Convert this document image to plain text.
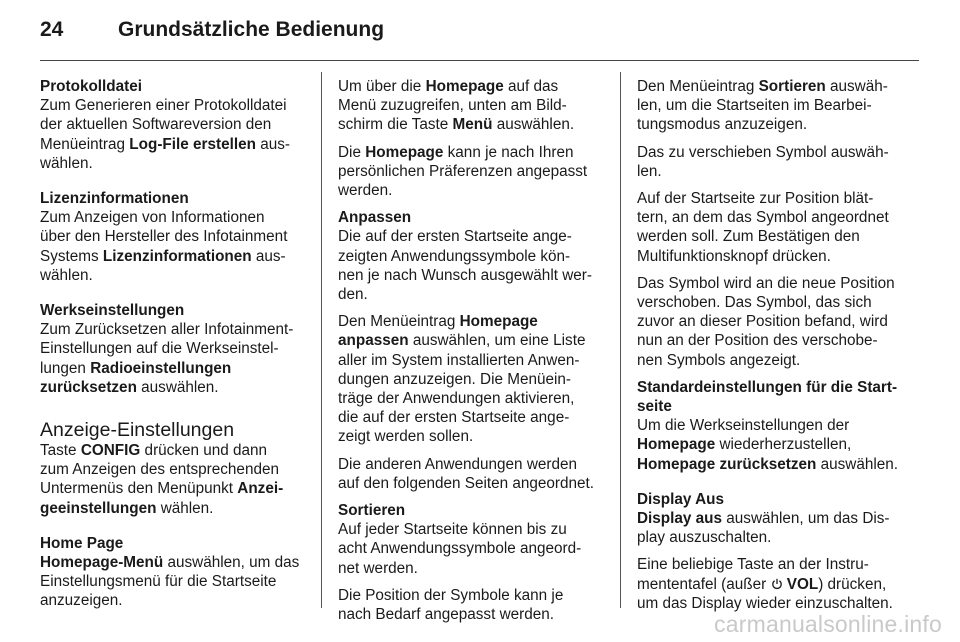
24	Grundsätzliche Bedienung

Protokolldatei
Zum Generieren einer Protokolldatei
der aktuellen Softwareversion den
Menüeintrag Log-File erstellen aus-
wählen.

Lizenzinformationen
Zum Anzeigen von Informationen
über den Hersteller des Infotainment
Systems Lizenzinformationen aus-
wählen.

Werkseinstellungen
Zum Zurücksetzen aller Infotainment-
Einstellungen auf die Werkseinstel-
lungen Radioeinstellungen
zurücksetzen auswählen.

Anzeige-Einstellungen

Taste CONFIG drücken und dann
zum Anzeigen des entsprechenden
Untermenüs den Menüpunkt Anzei-
geeinstellungen wählen.

Home Page
Homepage-Menü auswählen, um das
Einstellungsmenü für die Startseite
anzuzeigen.

Um über die Homepage auf das
Menü zuzugreifen, unten am Bild-
schirm die Taste Menü auswählen.

Die Homepage kann je nach Ihren
persönlichen Präferenzen angepasst
werden.

Anpassen
Die auf der ersten Startseite ange-
zeigten Anwendungssymbole kön-
nen je nach Wunsch ausgewählt wer-
den.

Den Menüeintrag Homepage
anpassen auswählen, um eine Liste
aller im System installierten Anwen-
dungen anzuzeigen. Die Menüein-
träge der Anwendungen aktivieren,
die auf der ersten Startseite ange-
zeigt werden sollen.

Die anderen Anwendungen werden
auf den folgenden Seiten angeordnet.

Sortieren
Auf jeder Startseite können bis zu
acht Anwendungssymbole angeord-
net werden.

Die Position der Symbole kann je
nach Bedarf angepasst werden.

Den Menüeintrag Sortieren auswäh-
len, um die Startseiten im Bearbei-
tungsmodus anzuzeigen.

Das zu verschieben Symbol auswäh-
len.

Auf der Startseite zur Position blät-
tern, an dem das Symbol angeordnet
werden soll. Zum Bestätigen den
Multifunktionsknopf drücken.

Das Symbol wird an die neue Position
verschoben. Das Symbol, das sich
zuvor an dieser Position befand, wird
nun an der Position des verschobe-
nen Symbols angezeigt.

Standardeinstellungen für die Start-
seite
Um die Werkseinstellungen der
Homepage wiederherzustellen,
Homepage zurücksetzen auswählen.

Display Aus
Display aus auswählen, um das Dis-
play auszuschalten.

Eine beliebige Taste an der Instru-
mententafel (außer  VOL) drücken,
um das Display wieder einzuschalten.

carmanualsonline.info
